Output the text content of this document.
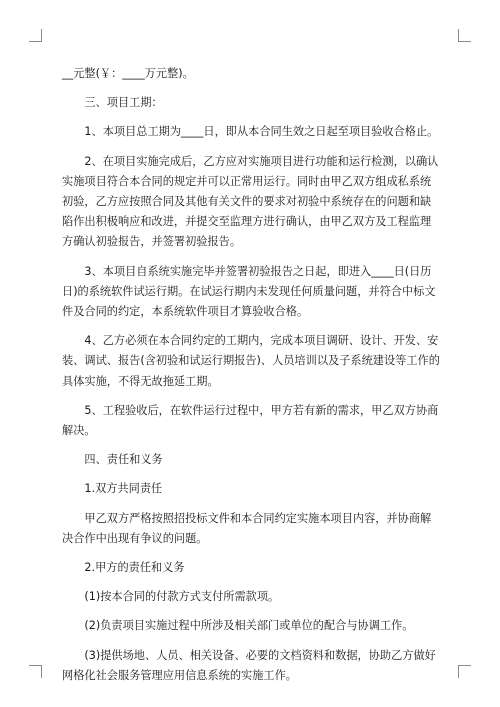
__元整(￥：____万元整)。

三、项目工期：

1、本项目总工期为____日，即从本合同生效之日起至项目验收合格止。

2、在项目实施完成后，乙方应对实施项目进行功能和运行检测，以确认实施项目符合本合同的规定并可以正常用运行。同时由甲乙双方组成私系统初验，乙方应按照合同及其他有关文件的要求对初验中系统存在的问题和缺陷作出积极响应和改进，并提交至监理方进行确认，由甲乙双方及工程监理方确认初验报告，并签署初验报告。

3、本项目自系统实施完毕并签署初验报告之日起，即进入____日(日历日)的系统软件试运行期。在试运行期内未发现任何质量问题，并符合中标文件及合同的约定，本系统软件项目才算验收合格。

4、乙方必须在本合同约定的工期内，完成本项目调研、设计、开发、安装、调试、报告(含初验和试运行期报告)、人员培训以及子系统建设等工作的具体实施，不得无故拖延工期。

5、工程验收后，在软件运行过程中，甲方若有新的需求，甲乙双方协商解决。

四、责任和义务

1.双方共同责任

甲乙双方严格按照招投标文件和本合同约定实施本项目内容，并协商解决合作中出现有争议的问题。

2.甲方的责任和义务

(1)按本合同的付款方式支付所需款项。

(2)负责项目实施过程中所涉及相关部门或单位的配合与协调工作。

(3)提供场地、人员、相关设备、必要的文档资料和数据，协助乙方做好网格化社会服务管理应用信息系统的实施工作。
